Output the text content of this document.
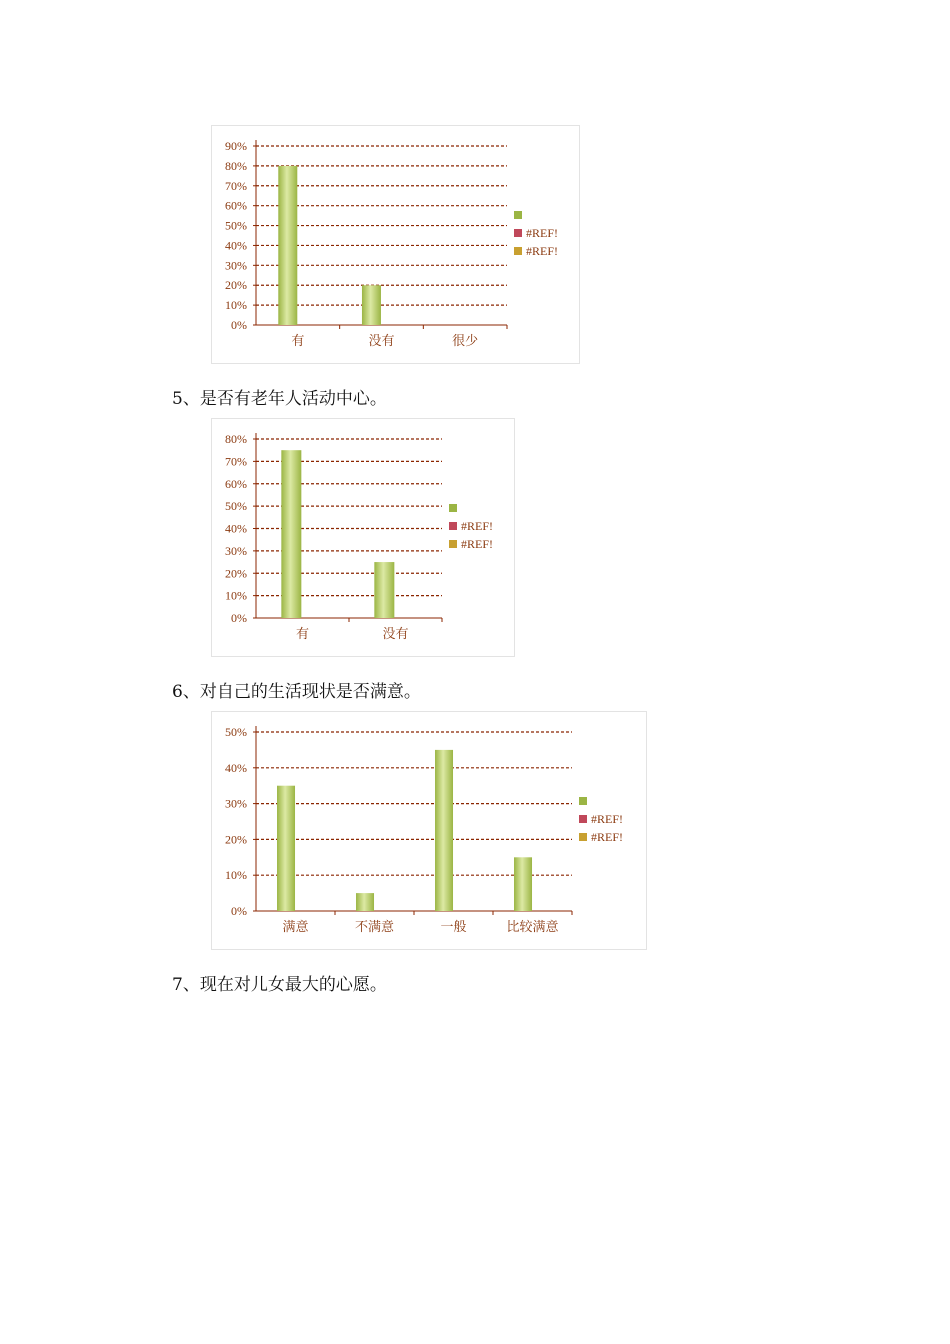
0%
10%
20%
30%
40%
50%
60%
70%
80%
90%
有	没有	很少
#REF!
#REF!

5、是否有老年人活动中心。

0%
10%
20%
30%
40%
50%
60%
70%
80%
有	没有
#REF!
#REF!

6、对自己的生活现状是否满意。

0%
10%
20%
30%
40%
50%
满意	不满意	一般	比较满意
#REF!
#REF!

7、现在对儿女最大的心愿。
